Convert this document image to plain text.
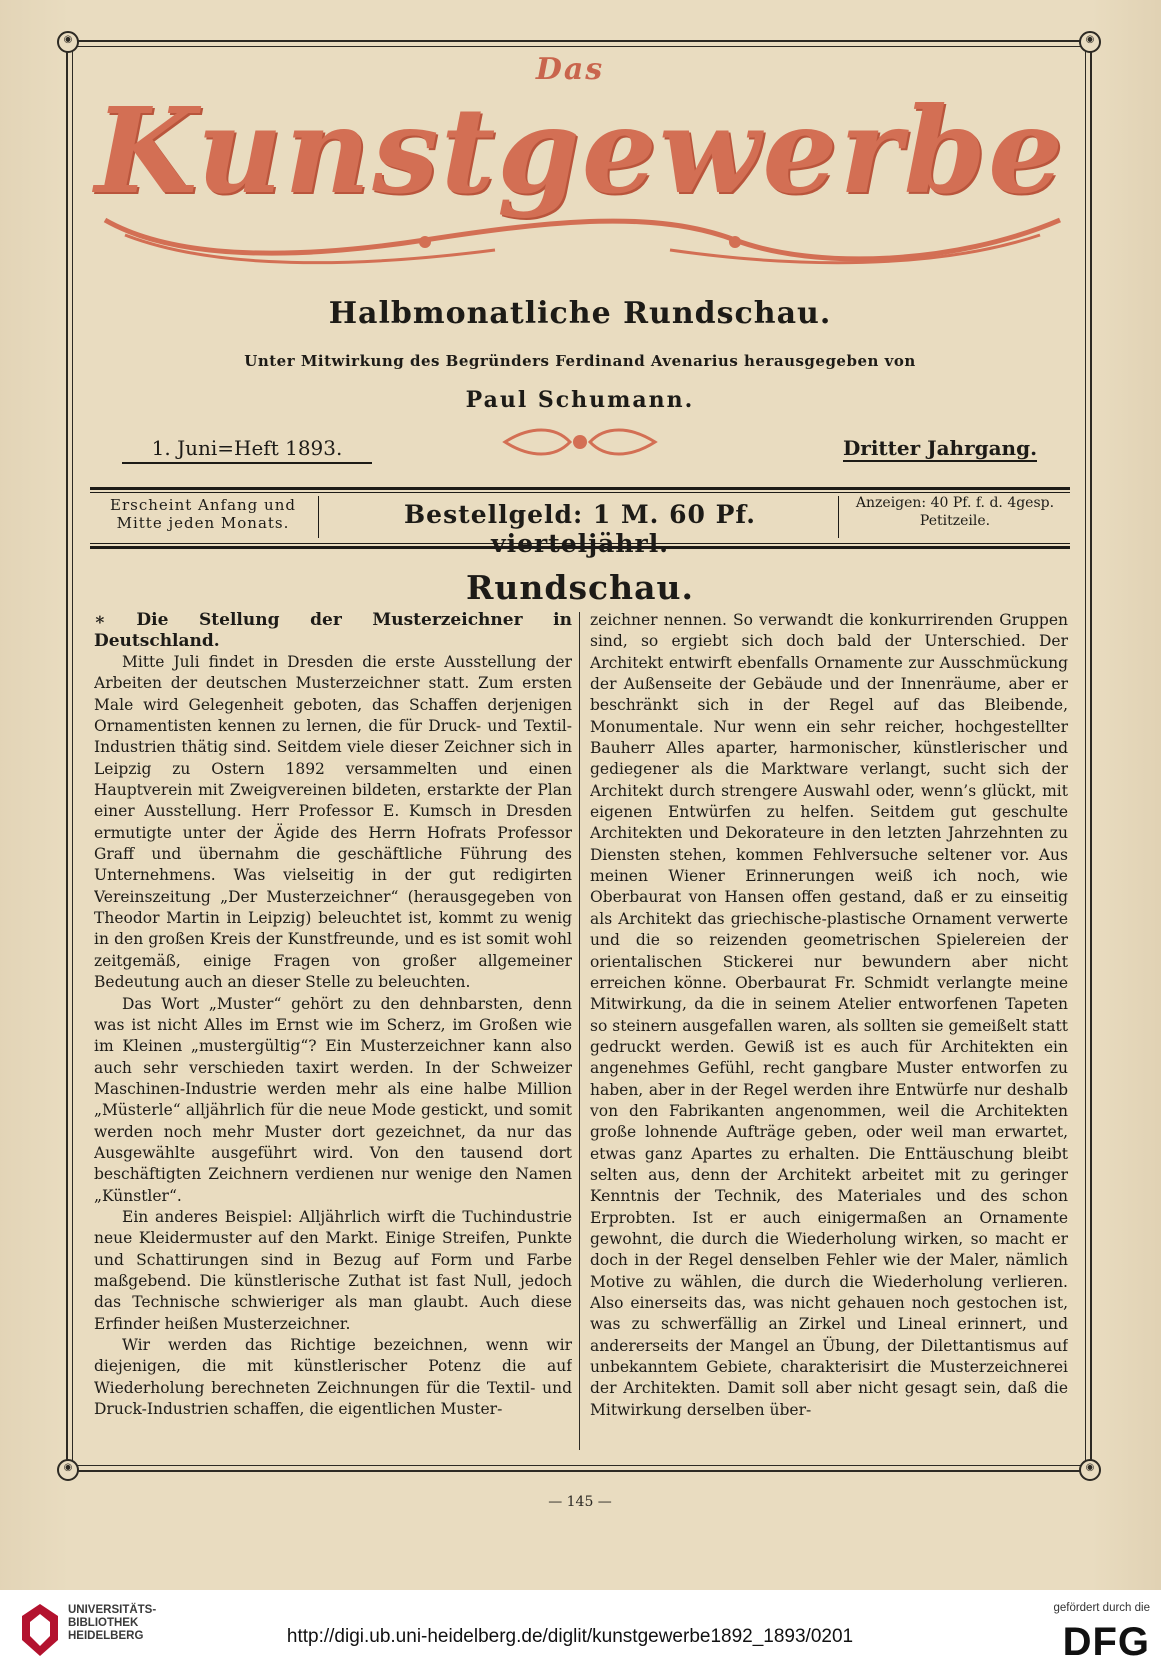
◉	◉
◉	◉
Das
Kunstgewerbe
Halbmonatliche Rundschau.
Unter Mitwirkung des Begründers Ferdinand Avenarius herausgegeben von
Paul Schumann.
1. Juni=Heft 1893.	Dritter Jahrgang.
Erscheint Anfang und Mitte jeden Monats.	Bestellgeld: 1 M. 60 Pf.	Anzeigen: 40 Pf. f. d. 4gesp. Petitzeile.
Rundschau.

∗ Die Stellung der Musterzeichner in Deutschland.

Mitte Juli findet in Dresden die erste Ausstellung der Arbeiten der deutschen Musterzeichner statt. Zum ersten Male wird Gelegenheit geboten, das Schaffen derjenigen Ornamentisten kennen zu lernen, die für Druck- und Textil-Industrien thätig sind. Seitdem viele dieser Zeichner sich in Leipzig zu Ostern 1892 versammelten und einen Hauptverein mit Zweigvereinen bildeten, erstarkte der Plan einer Ausstellung. Herr Professor E. Kumsch in Dresden ermutigte unter der Ägide des Herrn Hofrats Professor Graff und übernahm die geschäftliche Führung des Unternehmens. Was vielseitig in der gut redigirten Vereinszeitung „Der Musterzeichner“ (herausgegeben von Theodor Martin in Leipzig) beleuchtet ist, kommt zu wenig in den großen Kreis der Kunstfreunde, und es ist somit wohl zeitgemäß, einige Fragen von großer allgemeiner Bedeutung auch an dieser Stelle zu beleuchten.

Das Wort „Muster“ gehört zu den dehnbarsten, denn was ist nicht Alles im Ernst wie im Scherz, im Großen wie im Kleinen „mustergültig“? Ein Musterzeichner kann also auch sehr verschieden taxirt werden. In der Schweizer Maschinen-Industrie werden mehr als eine halbe Million „Müsterle“ alljährlich für die neue Mode gestickt, und somit werden noch mehr Muster dort gezeichnet, da nur das Ausgewählte ausgeführt wird. Von den tausend dort beschäftigten Zeichnern verdienen nur wenige den Namen „Künstler“.

Ein anderes Beispiel: Alljährlich wirft die Tuchindustrie neue Kleidermuster auf den Markt. Einige Streifen, Punkte und Schattirungen sind in Bezug auf Form und Farbe maßgebend. Die künstlerische Zuthat ist fast Null, jedoch das Technische schwieriger als man glaubt. Auch diese Erfinder heißen Musterzeichner.

Wir werden das Richtige bezeichnen, wenn wir diejenigen, die mit künstlerischer Potenz die auf Wiederholung berechneten Zeichnungen für die Textil- und Druck-Industrien schaffen, die eigentlichen Muster-

zeichner nennen. So verwandt die konkurrirenden Gruppen sind, so ergiebt sich doch bald der Unterschied. Der Architekt entwirft ebenfalls Ornamente zur Ausschmückung der Außenseite der Gebäude und der Innenräume, aber er beschränkt sich in der Regel auf das Bleibende, Monumentale. Nur wenn ein sehr reicher, hochgestellter Bauherr Alles aparter, harmonischer, künstlerischer und gediegener als die Marktware verlangt, sucht sich der Architekt durch strengere Auswahl oder, wenn’s glückt, mit eigenen Entwürfen zu helfen. Seitdem gut geschulte Architekten und Dekorateure in den letzten Jahrzehnten zu Diensten stehen, kommen Fehlversuche seltener vor. Aus meinen Wiener Erinnerungen weiß ich noch, wie Oberbaurat von Hansen offen gestand, daß er zu einseitig als Architekt das griechische-plastische Ornament verwerte und die so reizenden geometrischen Spielereien der orientalischen Stickerei nur bewundern aber nicht erreichen könne. Oberbaurat Fr. Schmidt verlangte meine Mitwirkung, da die in seinem Atelier entworfenen Tapeten so steinern ausgefallen waren, als sollten sie gemeißelt statt gedruckt werden. Gewiß ist es auch für Architekten ein angenehmes Gefühl, recht gangbare Muster entworfen zu haben, aber in der Regel werden ihre Entwürfe nur deshalb von den Fabrikanten angenommen, weil die Architekten große lohnende Aufträge geben, oder weil man erwartet, etwas ganz Apartes zu erhalten. Die Enttäuschung bleibt selten aus, denn der Architekt arbeitet mit zu geringer Kenntnis der Technik, des Materiales und des schon Erprobten. Ist er auch einigermaßen an Ornamente gewohnt, die durch die Wiederholung wirken, so macht er doch in der Regel denselben Fehler wie der Maler, nämlich Motive zu wählen, die durch die Wiederholung verlieren. Also einerseits das, was nicht gehauen noch gestochen ist, was zu schwerfällig an Zirkel und Lineal erinnert, und andererseits der Mangel an Übung, der Dilettantismus auf unbekanntem Gebiete, charakterisirt die Musterzeichnerei der Architekten. Damit soll aber nicht gesagt sein, daß die Mitwirkung derselben über-

— 145 —
UNIVERSITÄTS-
BIBLIOTHEK
HEIDELBERG	http://digi.ub.uni-heidelberg.de/diglit/kunstgewerbe1892_1893/0201
gefördert durch die
DFG
